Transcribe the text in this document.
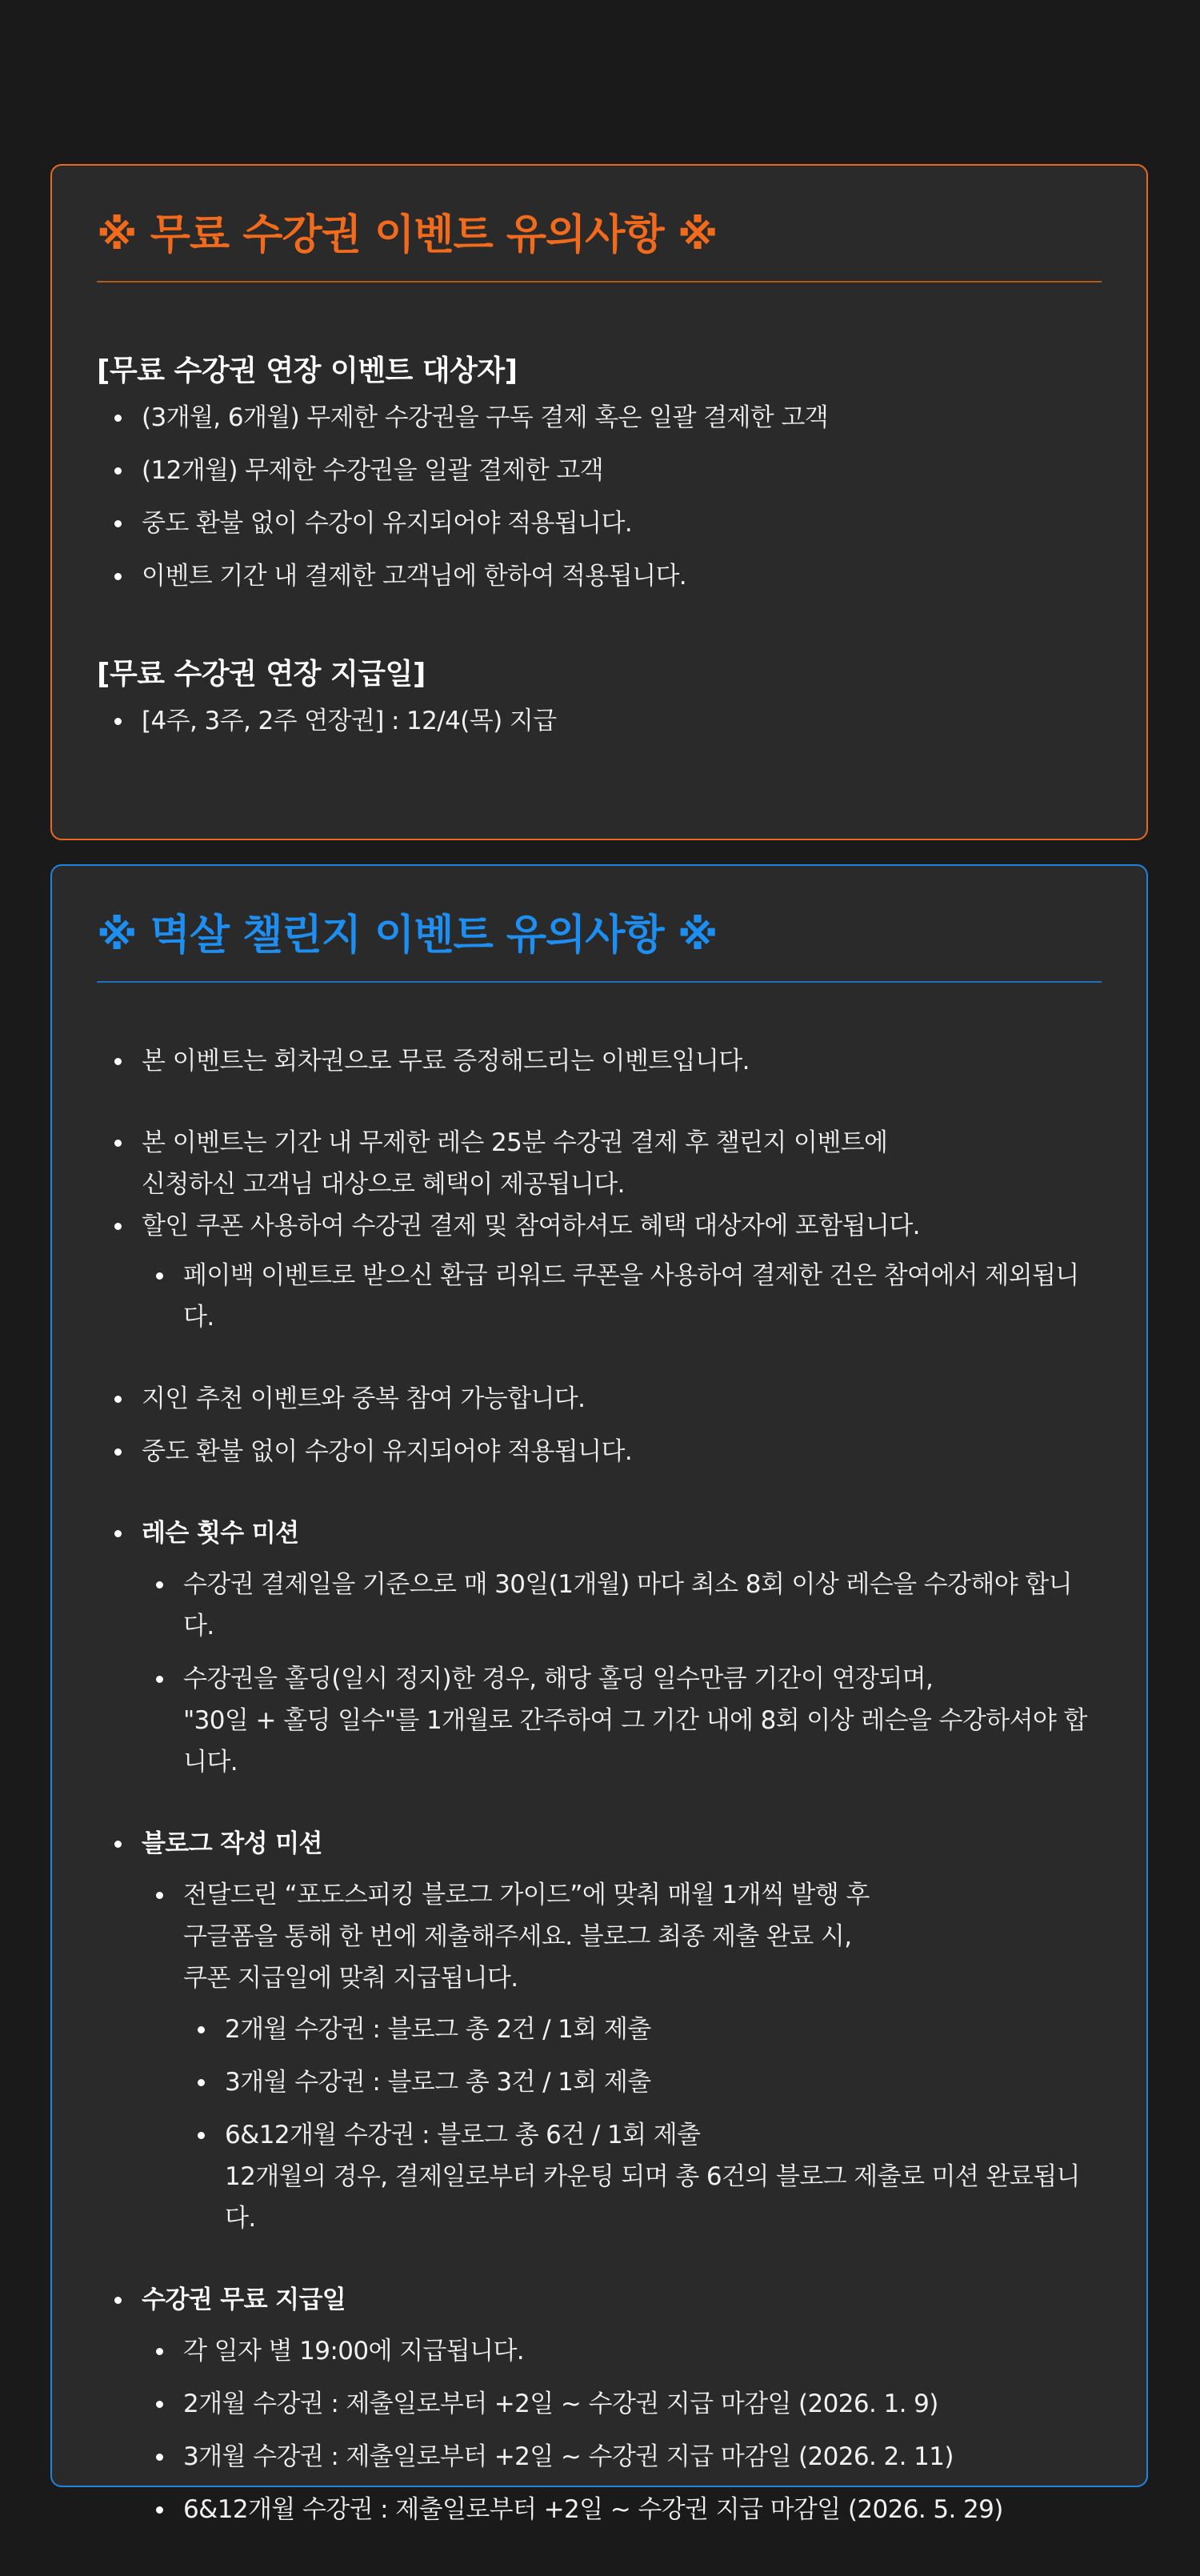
※ 무료 수강권 이벤트 유의사항 ※
[무료 수강권 연장 이벤트 대상자]
(3개월, 6개월) 무제한 수강권을 구독 결제 혹은 일괄 결제한 고객
(12개월) 무제한 수강권을 일괄 결제한 고객
중도 환불 없이 수강이 유지되어야 적용됩니다.
이벤트 기간 내 결제한 고객님에 한하여 적용됩니다.
[무료 수강권 연장 지급일]
[4주, 3주, 2주 연장권] : 12/4(목) 지급
※ 멱살 챌린지 이벤트 유의사항 ※
본 이벤트는 회차권으로 무료 증정해드리는 이벤트입니다.
본 이벤트는 기간 내 무제한 레슨 25분 수강권 결제 후 챌린지 이벤트에
신청하신 고객님 대상으로 혜택이 제공됩니다.
할인 쿠폰 사용하여 수강권 결제 및 참여하셔도 혜택 대상자에 포함됩니다.
페이백 이벤트로 받으신 환급 리워드 쿠폰을 사용하여 결제한 건은 참여에서 제외됩니다.
지인 추천 이벤트와 중복 참여 가능합니다.
중도 환불 없이 수강이 유지되어야 적용됩니다.
레슨 횟수 미션
수강권 결제일을 기준으로 매 30일(1개월) 마다 최소 8회 이상 레슨을 수강해야 합니다.
수강권을 홀딩(일시 정지)한 경우, 해당 홀딩 일수만큼 기간이 연장되며,
"30일 + 홀딩 일수"를 1개월로 간주하여 그 기간 내에 8회 이상 레슨을 수강하셔야 합니다.
블로그 작성 미션
전달드린 “포도스피킹 블로그 가이드”에 맞춰 매월 1개씩 발행 후
구글폼을 통해 한 번에 제출해주세요. 블로그 최종 제출 완료 시,
쿠폰 지급일에 맞춰 지급됩니다.
2개월 수강권 : 블로그 총 2건 / 1회 제출
3개월 수강권 : 블로그 총 3건 / 1회 제출
6&12개월 수강권 : 블로그 총 6건 / 1회 제출
12개월의 경우, 결제일로부터 카운팅 되며 총 6건의 블로그 제출로 미션 완료됩니다.
수강권 무료 지급일
각 일자 별 19:00에 지급됩니다.
2개월 수강권 : 제출일로부터 +2일 ~ 수강권 지급 마감일 (2026. 1. 9)
3개월 수강권 : 제출일로부터 +2일 ~ 수강권 지급 마감일 (2026. 2. 11)
6&12개월 수강권 : 제출일로부터 +2일 ~ 수강권 지급 마감일 (2026. 5. 29)
